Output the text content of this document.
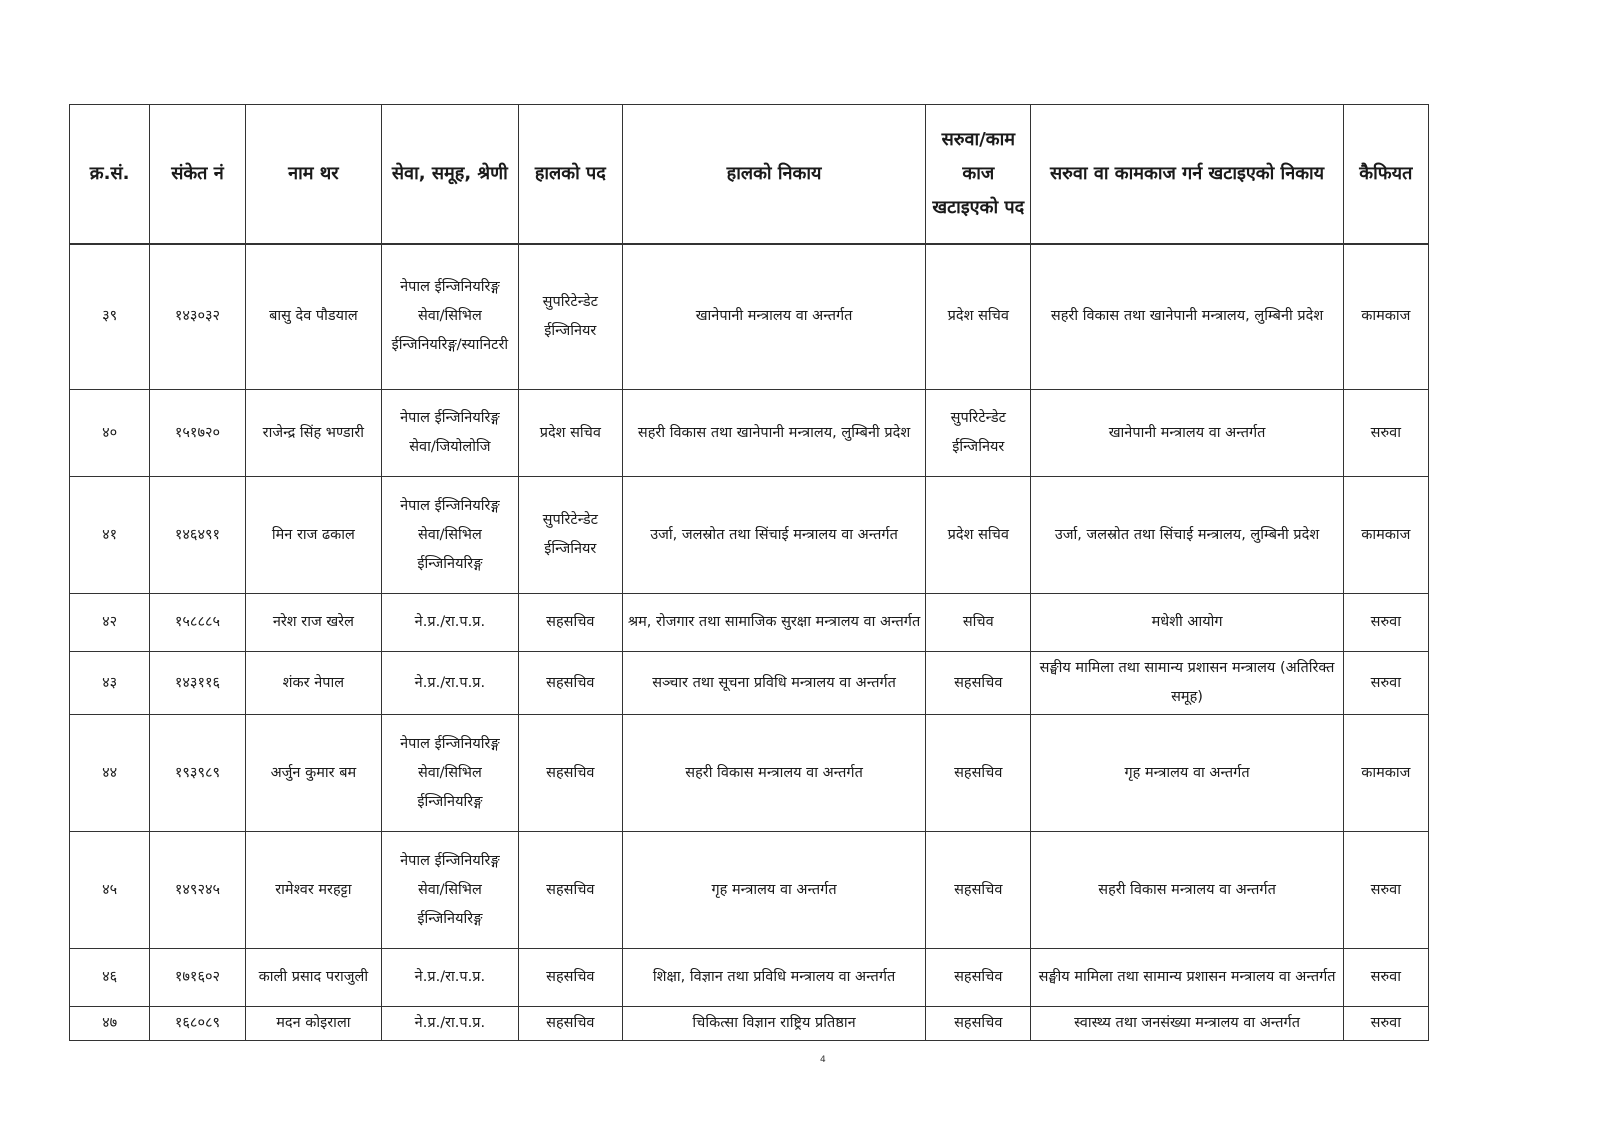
क्र.सं.	संकेत नं	नाम थर	सेवा, समूह, श्रेणी	हालको पद	हालको निकाय	सरुवा/काम काज खटाइएको पद	सरुवा वा कामकाज गर्न खटाइएको निकाय	कैफियत
३९	१४३०३२	बासु देव पौडयाल	नेपाल ईन्जिनियरिङ्ग सेवा/सिभिल ईन्जिनियरिङ्ग/स्यानिटरी	सुपरिटेन्डेट ईन्जिनियर	खानेपानी मन्त्रालय वा अन्तर्गत	प्रदेश सचिव	सहरी विकास तथा खानेपानी मन्त्रालय, लुम्बिनी प्रदेश	कामकाज
४०	१५१७२०	राजेन्द्र सिंह भण्डारी	नेपाल ईन्जिनियरिङ्ग सेवा/जियोलोजि	प्रदेश सचिव	सहरी विकास तथा खानेपानी मन्त्रालय, लुम्बिनी प्रदेश	सुपरिटेन्डेट ईन्जिनियर	खानेपानी मन्त्रालय वा अन्तर्गत	सरुवा
४१	१४६४९१	मिन राज ढकाल	नेपाल ईन्जिनियरिङ्ग सेवा/सिभिल ईन्जिनियरिङ्ग	सुपरिटेन्डेट ईन्जिनियर	उर्जा, जलस्रोत तथा सिंचाई मन्त्रालय वा अन्तर्गत	प्रदेश सचिव	उर्जा, जलस्रोत तथा सिंचाई मन्त्रालय, लुम्बिनी प्रदेश	कामकाज
४२	१५८८८५	नरेश राज खरेल	ने.प्र./रा.प.प्र.	सहसचिव	श्रम, रोजगार तथा सामाजिक सुरक्षा मन्त्रालय वा अन्तर्गत	सचिव	मधेशी आयोग	सरुवा
४३	१४३११६	शंकर नेपाल	ने.प्र./रा.प.प्र.	सहसचिव	सञ्चार तथा सूचना प्रविधि मन्त्रालय वा अन्तर्गत	सहसचिव	सङ्घीय मामिला तथा सामान्य प्रशासन मन्त्रालय (अतिरिक्त समूह)	सरुवा
४४	१९३९८९	अर्जुन कुमार बम	नेपाल ईन्जिनियरिङ्ग सेवा/सिभिल ईन्जिनियरिङ्ग	सहसचिव	सहरी विकास मन्त्रालय वा अन्तर्गत	सहसचिव	गृह मन्त्रालय वा अन्तर्गत	कामकाज
४५	१४९२४५	रामेश्वर मरहट्टा	नेपाल ईन्जिनियरिङ्ग सेवा/सिभिल ईन्जिनियरिङ्ग	सहसचिव	गृह मन्त्रालय वा अन्तर्गत	सहसचिव	सहरी विकास मन्त्रालय वा अन्तर्गत	सरुवा
४६	१७१६०२	काली प्रसाद पराजुली	ने.प्र./रा.प.प्र.	सहसचिव	शिक्षा, विज्ञान तथा प्रविधि मन्त्रालय वा अन्तर्गत	सहसचिव	सङ्घीय मामिला तथा सामान्य प्रशासन मन्त्रालय वा अन्तर्गत	सरुवा
४७	१६८०८९	मदन कोइराला	ने.प्र./रा.प.प्र.	सहसचिव	चिकित्सा विज्ञान राष्ट्रिय प्रतिष्ठान	सहसचिव	स्वास्थ्य तथा जनसंख्या मन्त्रालय वा अन्तर्गत	सरुवा
4
